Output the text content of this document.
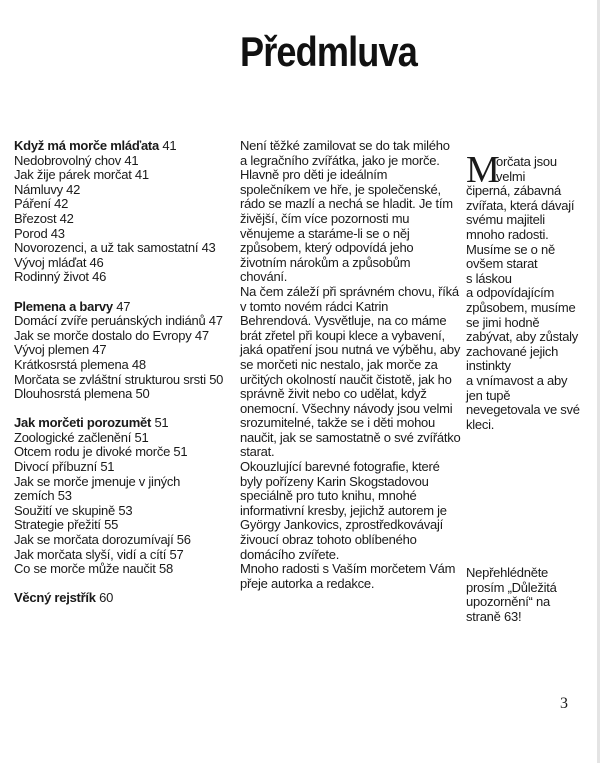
Předmluva
Když má morče mláďata 41
Nedobrovolný chov 41
Jak žije párek morčat 41
Námluvy 42
Páření 42
Březost 42
Porod 43
Novorozenci, a už tak samostatní 43
Vývoj mláďat 46
Rodinný život 46
Plemena a barvy 47
Domácí zvíře peruánských indiánů 47
Jak se morče dostalo do Evropy 47
Vývoj plemen 47
Krátkosrstá plemena 48
Morčata se zvláštní strukturou srsti 50
Dlouhosrstá plemena 50
Jak morčeti porozumět 51
Zoologické začlenění 51
Otcem rodu je divoké morče 51
Divocí příbuzní 51
Jak se morče jmenuje v jiných
zemích 53
Soužití ve skupině 53
Strategie přežití 55
Jak se morčata dorozumívají 56
Jak morčata slyší, vidí a cítí 57
Co se morče může naučit 58
Věcný rejstřík 60
Není těžké zamilovat se do tak milého
a legračního zvířátka, jako je morče.
Hlavně pro děti je ideálním
společníkem ve hře, je společenské,
rádo se mazlí a nechá se hladit. Je tím
živější, čím více pozornosti mu
věnujeme a staráme-li se o něj
způsobem, který odpovídá jeho
životním nárokům a způsobům
chování.
Na čem záleží při správném chovu, říká
v tomto novém rádci Katrin
Behrendová. Vysvětluje, na co máme
brát zřetel při koupi klece a vybavení,
jaká opatření jsou nutná ve výběhu, aby
se morčeti nic nestalo, jak morče za
určitých okolností naučit čistotě, jak ho
správně živit nebo co udělat, když
onemocní. Všechny návody jsou velmi
srozumitelné, takže se i děti mohou
naučit, jak se samostatně o své zvířátko
starat.
Okouzlující barevné fotografie, které
byly pořízeny Karin Skogstadovou
speciálně pro tuto knihu, mnohé
informativní kresby, jejichž autorem je
György Jankovics, zprostředkovávají
živoucí obraz tohoto oblíbeného
domácího zvířete.
Mnoho radosti s Vaším morčetem Vám
přeje autorka a redakce.
M
orčata jsou
velmi
čiperná, zábavná
zvířata, která dávají
svému majiteli
mnoho radosti.
Musíme se o ně
ovšem starat
s láskou
a odpovídajícím
způsobem, musíme
se jimi hodně
zabývat, aby zůstaly
zachované jejich
instinkty
a vnímavost a aby
jen tupě
nevegetovala ve své
kleci.
Nepřehlédněte
prosím „Důležitá
upozornění“ na
straně 63!
3
